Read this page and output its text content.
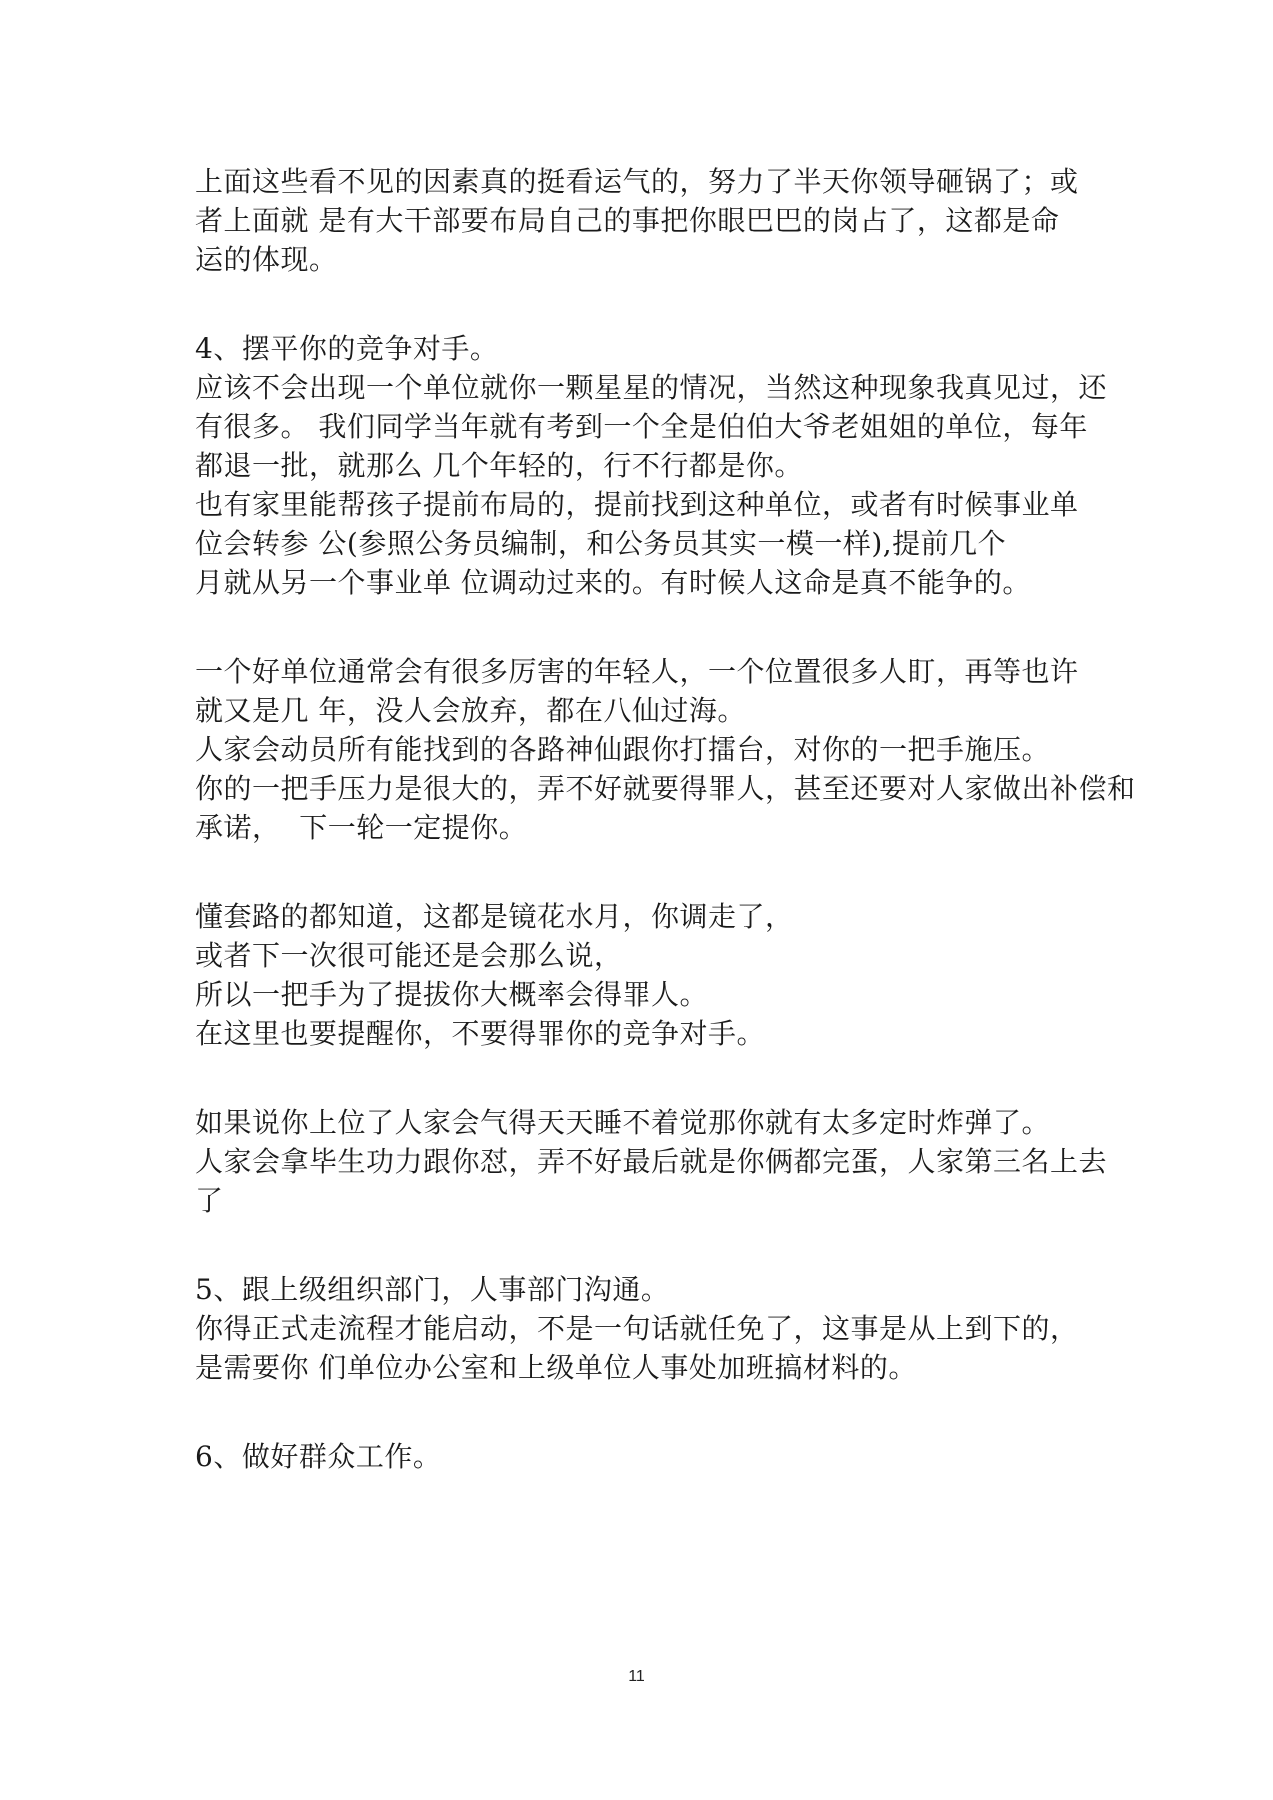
上面这些看不见的因素真的挺看运气的，努力了半天你领导砸锅了；或
者上面就 是有大干部要布局自己的事把你眼巴巴的岗占了，这都是命
运的体现。
4、摆平你的竞争对手。
应该不会出现一个单位就你一颗星星的情况，当然这种现象我真见过，还
有很多。 我们同学当年就有考到一个全是伯伯大爷老姐姐的单位，每年
都退一批，就那么 几个年轻的，行不行都是你。
也有家里能帮孩子提前布局的，提前找到这种单位，或者有时候事业单
位会转参 公(参照公务员编制，和公务员其实一模一样),提前几个
月就从另一个事业单 位调动过来的。有时候人这命是真不能争的。
一个好单位通常会有很多厉害的年轻人，一个位置很多人盯，再等也许
就又是几 年，没人会放弃，都在八仙过海。
人家会动员所有能找到的各路神仙跟你打擂台，对你的一把手施压。
你的一把手压力是很大的，弄不好就要得罪人，甚至还要对人家做出补偿和
承诺，  下一轮一定提你。
懂套路的都知道，这都是镜花水月，你调走了，
或者下一次很可能还是会那么说，
所以一把手为了提拔你大概率会得罪人。
在这里也要提醒你，不要得罪你的竞争对手。
如果说你上位了人家会气得天天睡不着觉那你就有太多定时炸弹了。
人家会拿毕生功力跟你怼，弄不好最后就是你俩都完蛋，人家第三名上去
了
5、跟上级组织部门，人事部门沟通。
你得正式走流程才能启动，不是一句话就任免了，这事是从上到下的，
是需要你 们单位办公室和上级单位人事处加班搞材料的。
6、做好群众工作。
11
